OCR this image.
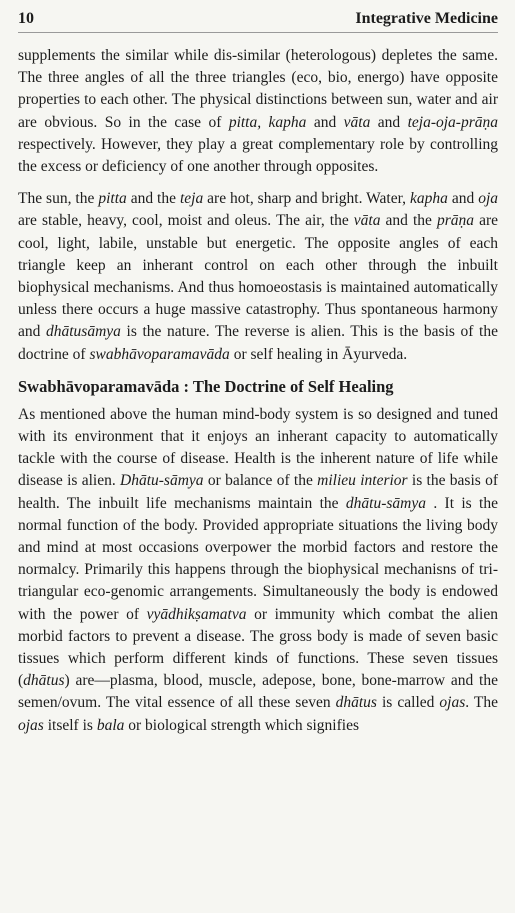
10	Integrative Medicine

supplements the similar while dis-similar (heterologous) depletes the same. The three angles of all the three triangles (eco, bio, energo) have opposite properties to each other. The physical distinctions between sun, water and air are obvious. So in the case of pitta, kapha and vāta and teja-oja-prāṇa respectively. However, they play a great complementary role by controlling the excess or deficiency of one another through opposites.

The sun, the pitta and the teja are hot, sharp and bright. Water, kapha and oja are stable, heavy, cool, moist and oleus. The air, the vāta and the prāṇa are cool, light, labile, unstable but energetic. The opposite angles of each triangle keep an inherant control on each other through the inbuilt biophysical mechanisms. And thus homoeostasis is maintained automatically unless there occurs a huge massive catastrophy. Thus spontaneous harmony and dhātusāmya is the nature. The reverse is alien. This is the basis of the doctrine of swabhāvoparamavāda or self healing in Āyurveda.

Swabhāvoparamavāda : The Doctrine of Self Healing

As mentioned above the human mind-body system is so designed and tuned with its environment that it enjoys an inherant capacity to automatically tackle with the course of disease. Health is the inherent nature of life while disease is alien. Dhātu-sāmya or balance of the milieu interior is the basis of health. The inbuilt life mechanisms maintain the dhātu-sāmya . It is the normal function of the body. Provided appropriate situations the living body and mind at most occasions overpower the morbid factors and restore the normalcy. Primarily this happens through the biophysical mechanisns of tri-triangular eco-genomic arrangements. Simultaneously the body is endowed with the power of vyādhikṣamatva or immunity which combat the alien morbid factors to prevent a disease. The gross body is made of seven basic tissues which perform different kinds of functions. These seven tissues (dhātus) are—plasma, blood, muscle, adepose, bone, bone-marrow and the semen/ovum. The vital essence of all these seven dhātus is called ojas. The ojas itself is bala or biological strength which signifies
